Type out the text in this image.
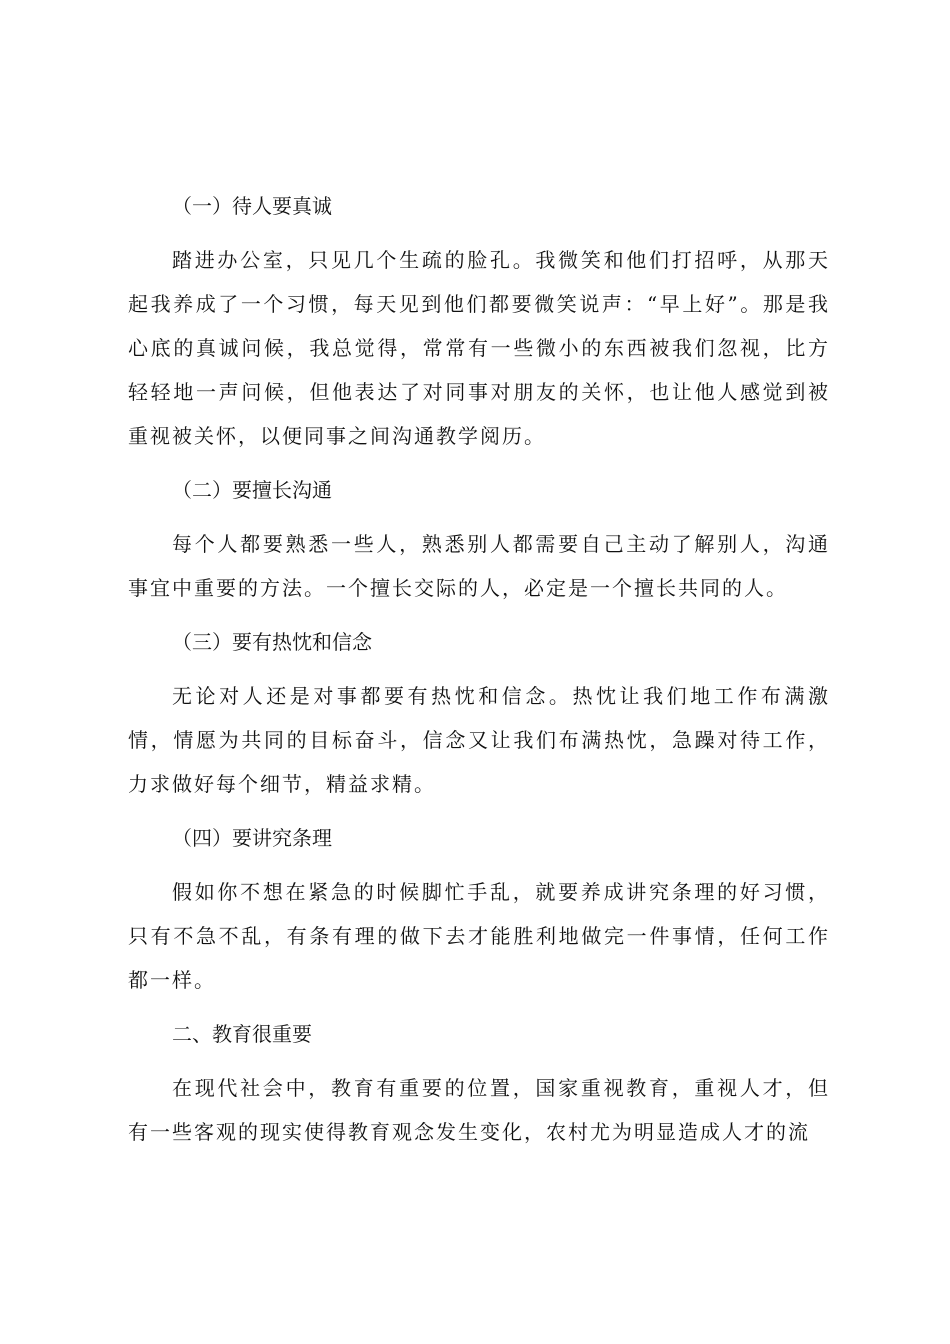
（一）待人要真诚

踏进办公室，只见几个生疏的脸孔。我微笑和他们打招呼，从那天起我养成了一个习惯，每天见到他们都要微笑说声：“早上好”。那是我心底的真诚问候，我总觉得，常常有一些微小的东西被我们忽视，比方轻轻地一声问候，但他表达了对同事对朋友的关怀，也让他人感觉到被重视被关怀，以便同事之间沟通教学阅历。

（二）要擅长沟通

每个人都要熟悉一些人，熟悉别人都需要自己主动了解别人，沟通事宜中重要的方法。一个擅长交际的人，必定是一个擅长共同的人。

（三）要有热忱和信念

无论对人还是对事都要有热忱和信念。热忱让我们地工作布满激情，情愿为共同的目标奋斗，信念又让我们布满热忱，急躁对待工作，力求做好每个细节，精益求精。

（四）要讲究条理

假如你不想在紧急的时候脚忙手乱，就要养成讲究条理的好习惯，只有不急不乱，有条有理的做下去才能胜利地做完一件事情，任何工作都一样。

二、教育很重要

在现代社会中，教育有重要的位置，国家重视教育，重视人才，但有一些客观的现实使得教育观念发生变化，农村尤为明显造成人才的流
